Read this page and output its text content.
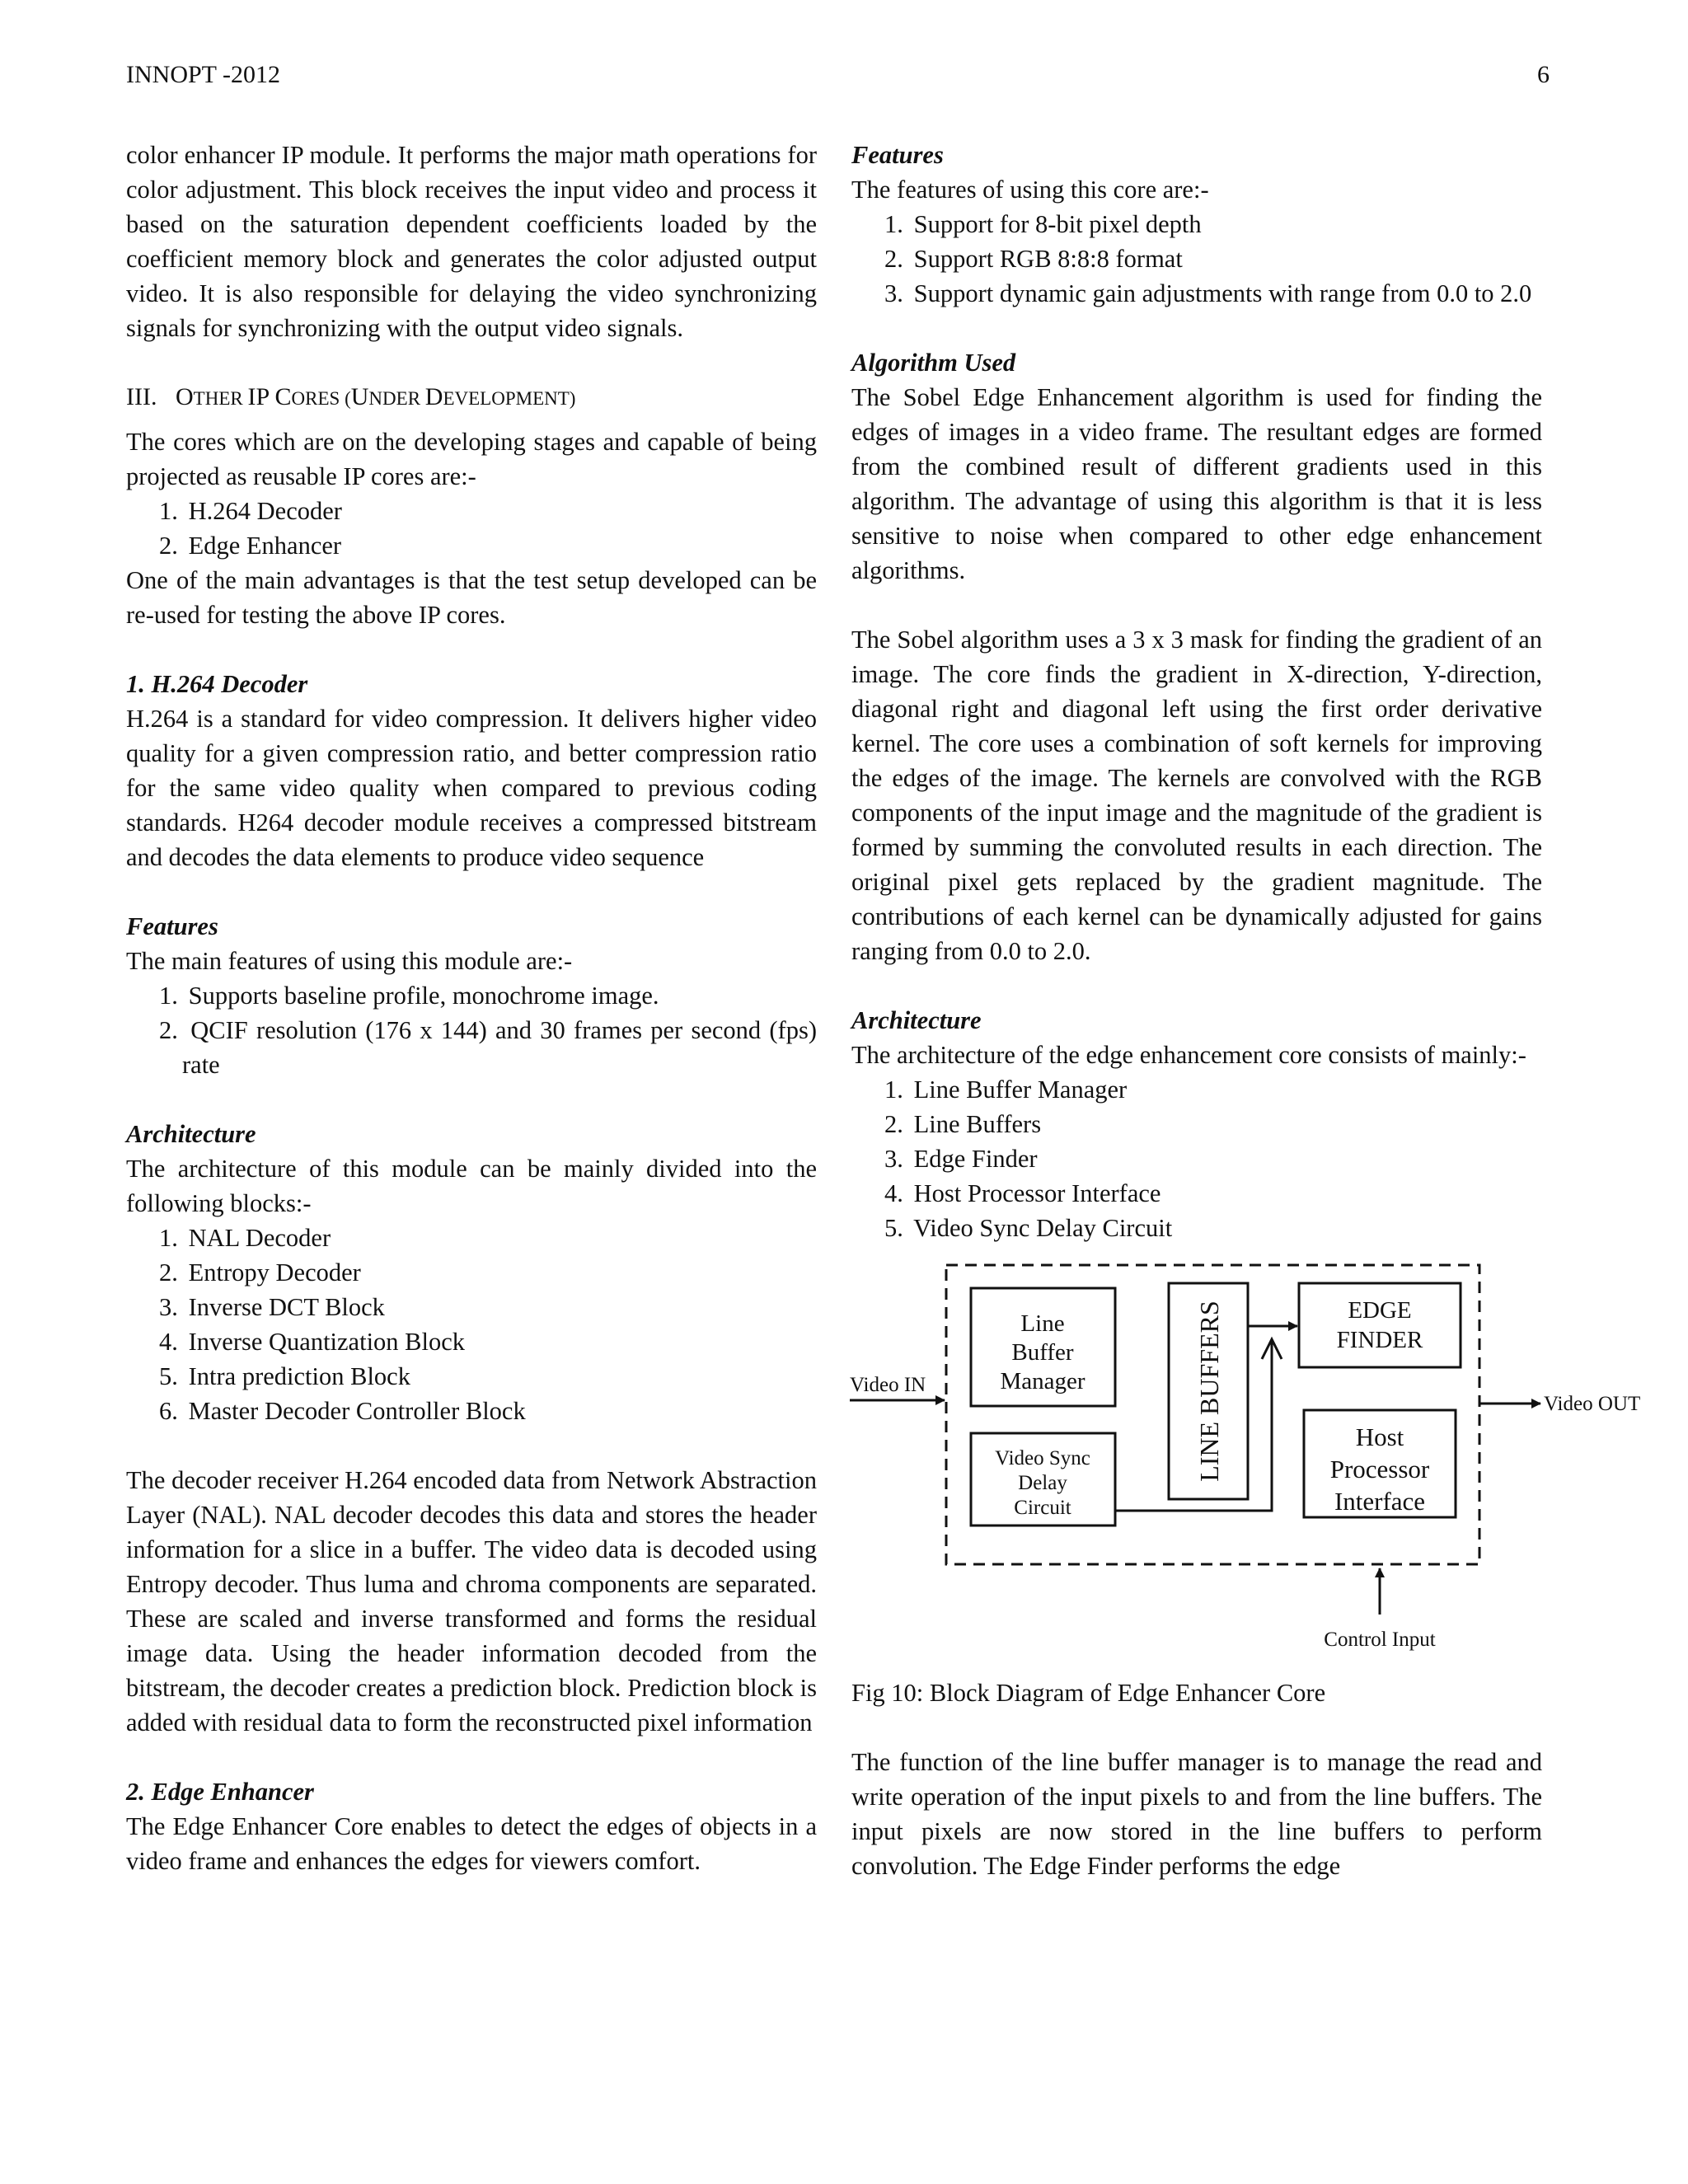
INNOPT -2012	6

color enhancer IP module. It performs the major math operations for color adjustment. This block receives the input video and process it based on the saturation dependent coefficients loaded by the coefficient memory block and generates the color adjusted output video. It is also responsible for delaying the video synchronizing signals for synchronizing with the output video signals.

III. OTHER IP CORES (UNDER DEVELOPMENT)

The cores which are on the developing stages and capable of being projected as reusable IP cores are:-

1. H.264 Decoder
2. Edge Enhancer

One of the main advantages is that the test setup developed can be re-used for testing the above IP cores.

1. H.264 Decoder

H.264 is a standard for video compression. It delivers higher video quality for a given compression ratio, and better compression ratio for the same video quality when compared to previous coding standards. H264 decoder module receives a compressed bitstream and decodes the data elements to produce video sequence

Features

The main features of using this module are:-

1. Supports baseline profile, monochrome image.
2. QCIF resolution (176 x 144) and 30 frames per second (fps) rate

Architecture

The architecture of this module can be mainly divided into the following blocks:-

1. NAL Decoder
2. Entropy Decoder
3. Inverse DCT Block
4. Inverse Quantization Block
5. Intra prediction Block
6. Master Decoder Controller Block

The decoder receiver H.264 encoded data from Network Abstraction Layer (NAL). NAL decoder decodes this data and stores the header information for a slice in a buffer. The video data is decoded using Entropy decoder. Thus luma and chroma components are separated. These are scaled and inverse transformed and forms the residual image data. Using the header information decoded from the bitstream, the decoder creates a prediction block. Prediction block is added with residual data to form the reconstructed pixel information

2. Edge Enhancer

The Edge Enhancer Core enables to detect the edges of objects in a video frame and enhances the edges for viewers comfort.

Features

The features of using this core are:-

1. Support for 8-bit pixel depth
2. Support RGB 8:8:8 format
3. Support dynamic gain adjustments with range from 0.0 to 2.0

Algorithm Used

The Sobel Edge Enhancement algorithm is used for finding the edges of images in a video frame. The resultant edges are formed from the combined result of different gradients used in this algorithm. The advantage of using this algorithm is that it is less sensitive to noise when compared to other edge enhancement algorithms.

The Sobel algorithm uses a 3 x 3 mask for finding the gradient of an image. The core finds the gradient in X-direction, Y-direction, diagonal right and diagonal left using the first order derivative kernel. The core uses a combination of soft kernels for improving the edges of the image. The kernels are convolved with the RGB components of the input image and the magnitude of the gradient is formed by summing the convoluted results in each direction. The original pixel gets replaced by the gradient magnitude. The contributions of each kernel can be dynamically adjusted for gains ranging from 0.0 to 2.0.

Architecture

The architecture of the edge enhancement core consists of mainly:-

1. Line Buffer Manager
2. Line Buffers
3. Edge Finder
4. Host Processor Interface
5. Video Sync Delay Circuit
Line
Buffer
Manager
Video Sync
Delay
Circuit
LINE BUFFERS	EDGE
FINDER
Host
Processor
Interface
Video IN
Video OUT
Control Input

Fig 10: Block Diagram of Edge Enhancer Core

The function of the line buffer manager is to manage the read and write operation of the input pixels to and from the line buffers. The input pixels are now stored in the line buffers to perform convolution. The Edge Finder performs the edge
